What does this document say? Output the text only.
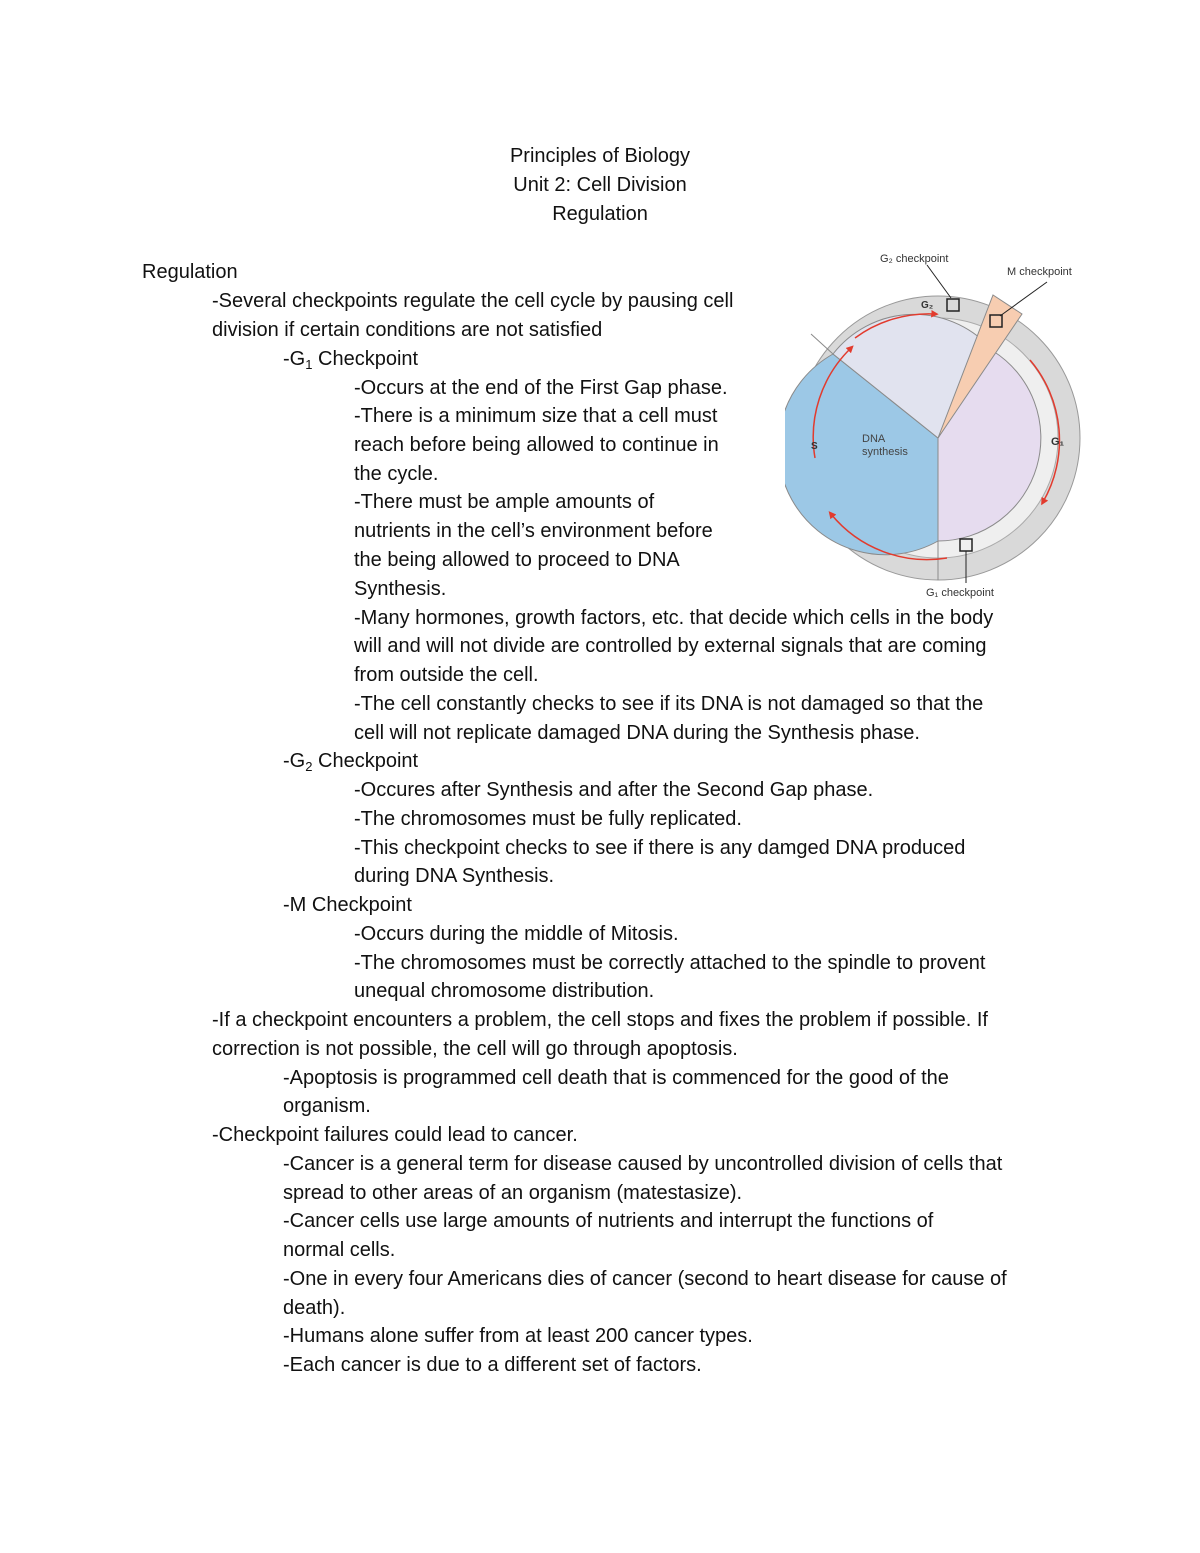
Principles of Biology
Unit 2: Cell Division
Regulation
Regulation
-Several checkpoints regulate the cell cycle by pausing cell
division if certain conditions are not satisfied
$-G_1$ Checkpoint
-Occurs at the end of the First Gap phase.
-There is a minimum size that a cell must
reach before being allowed to continue in
the cycle.
-There must be ample amounts of
nutrients in the cell’s environment before
the being allowed to proceed to DNA
Synthesis.
-Many hormones, growth factors, etc. that decide which cells in the body
will and will not divide are controlled by external signals that are coming
from outside the cell.
-The cell constantly checks to see if its DNA is not damaged so that the
cell will not replicate damaged DNA during the Synthesis phase.
$-G_2$ Checkpoint
-Occures after Synthesis and after the Second Gap phase.
-The chromosomes must be fully replicated.
-This checkpoint checks to see if there is any damged DNA produced
during DNA Synthesis.
-M Checkpoint
-Occurs during the middle of Mitosis.
-The chromosomes must be correctly attached to the spindle to provent
unequal chromosome distribution.
-If a checkpoint encounters a problem, the cell stops and fixes the problem if possible. If
correction is not possible, the cell will go through apoptosis.
-Apoptosis is programmed cell death that is commenced for the good of the
organism.
-Checkpoint failures could lead to cancer.
-Cancer is a general term for disease caused by uncontrolled division of cells that
spread to other areas of an organism (matestasize).
-Cancer cells use large amounts of nutrients and interrupt the functions of
normal cells.
-One in every four Americans dies of cancer (second to heart disease for cause of
death).
-Humans alone suffer from at least 200 cancer types.
-Each cancer is due to a different set of factors.
G₂ checkpoint
M checkpoint
G₁ checkpoint
G₂
G₁
S
DNA
synthesis
